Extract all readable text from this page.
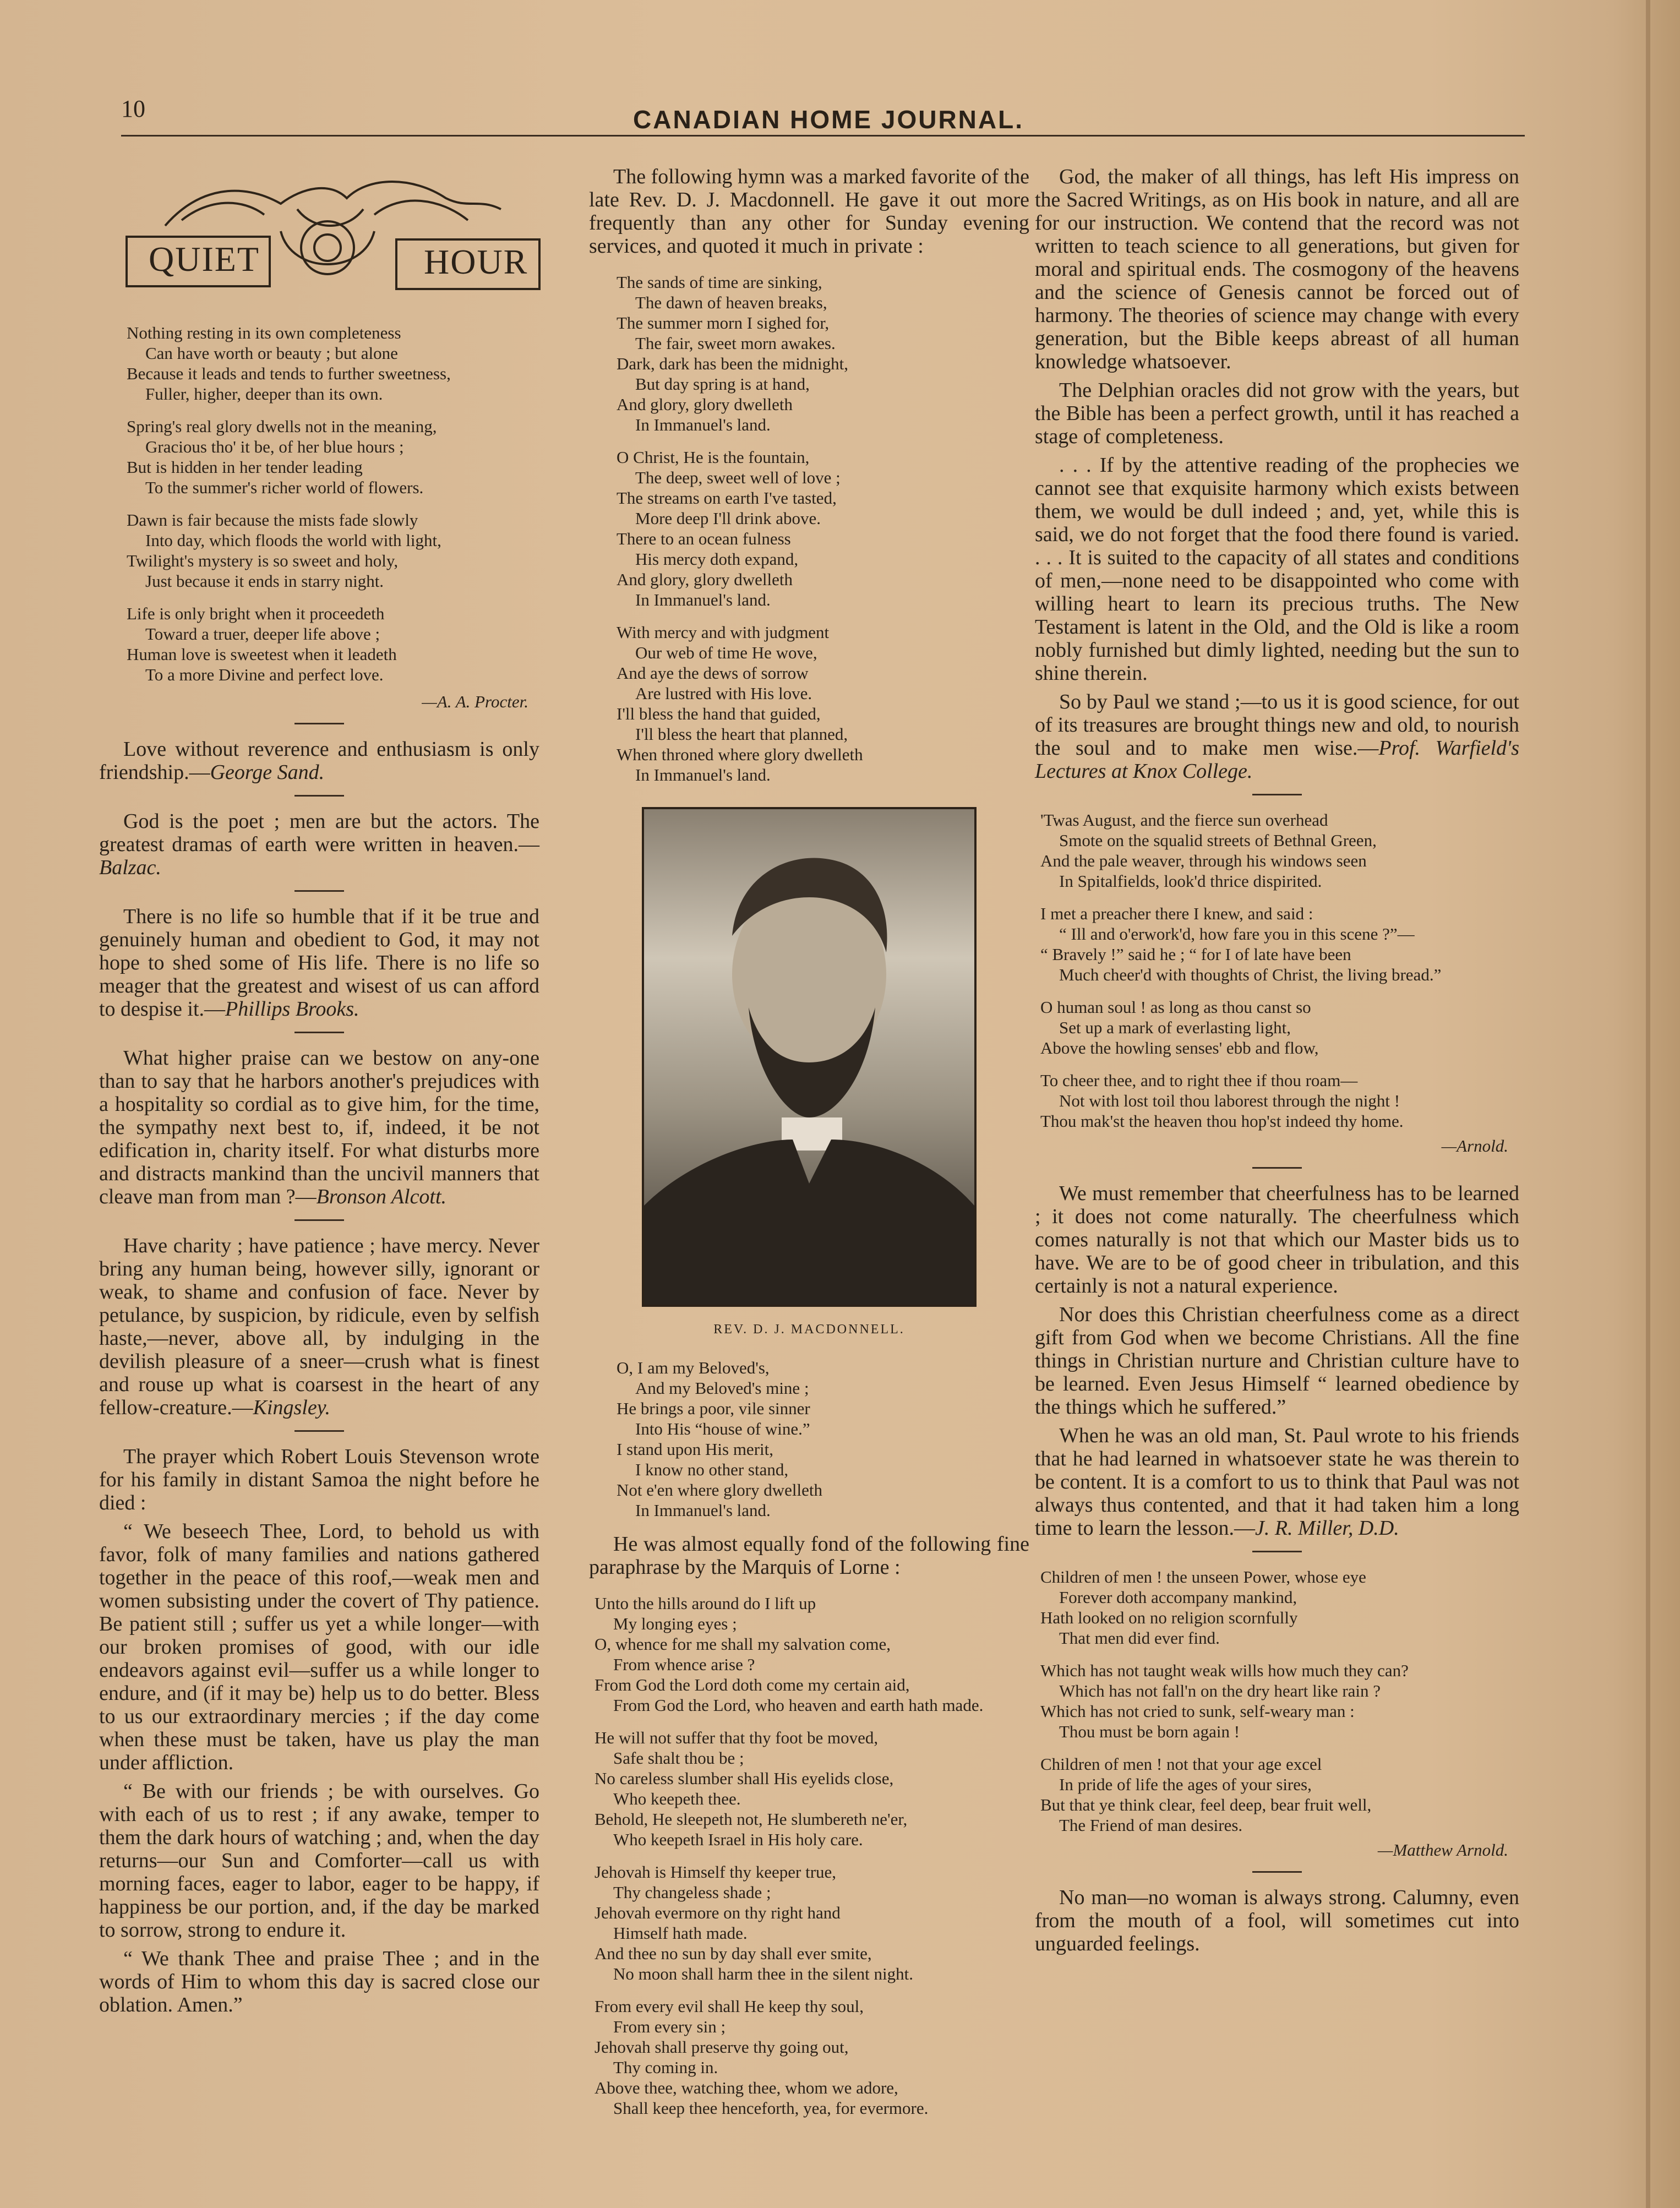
10	CANADIAN HOME JOURNAL.
QUIET	HOUR
Nothing resting in its own completeness
Can have worth or beauty ; but alone
Because it leads and tends to further sweetness,
Fuller, higher, deeper than its own.
Spring's real glory dwells not in the meaning,
Gracious tho' it be, of her blue hours ;
But is hidden in her tender leading
To the summer's richer world of flowers.
Dawn is fair because the mists fade slowly
Into day, which floods the world with light,
Twilight's mystery is so sweet and holy,
Just because it ends in starry night.
Life is only bright when it proceedeth
Toward a truer, deeper life above ;
Human love is sweetest when it leadeth
To a more Divine and perfect love.
—A. A. Procter.

Love without reverence and enthusiasm is only friendship.—George Sand.

God is the poet ; men are but the actors. The greatest dramas of earth were written in heaven.—Balzac.

There is no life so humble that if it be true and genuinely human and obedient to God, it may not hope to shed some of His life. There is no life so meager that the greatest and wisest of us can afford to despise it.—Phillips Brooks.

What higher praise can we bestow on any-one than to say that he harbors another's prejudices with a hospitality so cordial as to give him, for the time, the sympathy next best to, if, indeed, it be not edification in, charity itself. For what disturbs more and distracts mankind than the uncivil manners that cleave man from man ?—Bronson Alcott.

Have charity ; have patience ; have mercy. Never bring any human being, however silly, ignorant or weak, to shame and confusion of face. Never by petulance, by suspicion, by ridicule, even by selfish haste,—never, above all, by indulging in the devilish pleasure of a sneer—crush what is finest and rouse up what is coarsest in the heart of any fellow-creature.—Kingsley.

The prayer which Robert Louis Stevenson wrote for his family in distant Samoa the night before he died :

“ We beseech Thee, Lord, to behold us with favor, folk of many families and nations gathered together in the peace of this roof,—weak men and women subsisting under the covert of Thy patience. Be patient still ; suffer us yet a while longer—with our broken promises of good, with our idle endeavors against evil—suffer us a while longer to endure, and (if it may be) help us to do better. Bless to us our extraordinary mercies ; if the day come when these must be taken, have us play the man under affliction.

“ Be with our friends ; be with ourselves. Go with each of us to rest ; if any awake, temper to them the dark hours of watching ; and, when the day returns—our Sun and Comforter—call us with morning faces, eager to labor, eager to be happy, if happiness be our portion, and, if the day be marked to sorrow, strong to endure it.

“ We thank Thee and praise Thee ; and in the words of Him to whom this day is sacred close our oblation. Amen.”

The following hymn was a marked favorite of the late Rev. D. J. Macdonnell. He gave it out more frequently than any other for Sunday evening services, and quoted it much in private :

The sands of time are sinking,
The dawn of heaven breaks,
The summer morn I sighed for,
The fair, sweet morn awakes.
Dark, dark has been the midnight,
But day spring is at hand,
And glory, glory dwelleth
In Immanuel's land.
O Christ, He is the fountain,
The deep, sweet well of love ;
The streams on earth I've tasted,
More deep I'll drink above.
There to an ocean fulness
His mercy doth expand,
And glory, glory dwelleth
In Immanuel's land.
With mercy and with judgment
Our web of time He wove,
And aye the dews of sorrow
Are lustred with His love.
I'll bless the hand that guided,
I'll bless the heart that planned,
When throned where glory dwelleth
In Immanuel's land.
REV. D. J. MACDONNELL.
O, I am my Beloved's,
And my Beloved's mine ;
He brings a poor, vile sinner
Into His “house of wine.”
I stand upon His merit,
I know no other stand,
Not e'en where glory dwelleth
In Immanuel's land.

He was almost equally fond of the following fine paraphrase by the Marquis of Lorne :

Unto the hills around do I lift up
My longing eyes ;
O, whence for me shall my salvation come,
From whence arise ?
From God the Lord doth come my certain aid,
From God the Lord, who heaven and earth hath made.
He will not suffer that thy foot be moved,
Safe shalt thou be ;
No careless slumber shall His eyelids close,
Who keepeth thee.
Behold, He sleepeth not, He slumbereth ne'er,
Who keepeth Israel in His holy care.
Jehovah is Himself thy keeper true,
Thy changeless shade ;
Jehovah evermore on thy right hand
Himself hath made.
And thee no sun by day shall ever smite,
No moon shall harm thee in the silent night.
From every evil shall He keep thy soul,
From every sin ;
Jehovah shall preserve thy going out,
Thy coming in.
Above thee, watching thee, whom we adore,
Shall keep thee henceforth, yea, for evermore.

God, the maker of all things, has left His impress on the Sacred Writings, as on His book in nature, and all are for our instruction. We contend that the record was not written to teach science to all generations, but given for moral and spiritual ends. The cosmogony of the heavens and the science of Genesis cannot be forced out of harmony. The theories of science may change with every generation, but the Bible keeps abreast of all human knowledge whatsoever.

The Delphian oracles did not grow with the years, but the Bible has been a perfect growth, until it has reached a stage of completeness.

. . . If by the attentive reading of the prophecies we cannot see that exquisite harmony which exists between them, we would be dull indeed ; and, yet, while this is said, we do not forget that the food there found is varied. . . . It is suited to the capacity of all states and conditions of men,—none need to be disappointed who come with willing heart to learn its precious truths. The New Testament is latent in the Old, and the Old is like a room nobly furnished but dimly lighted, needing but the sun to shine therein.

So by Paul we stand ;—to us it is good science, for out of its treasures are brought things new and old, to nourish the soul and to make men wise.—Prof. Warfield's Lectures at Knox College.

'Twas August, and the fierce sun overhead
Smote on the squalid streets of Bethnal Green,
And the pale weaver, through his windows seen
In Spitalfields, look'd thrice dispirited.
I met a preacher there I knew, and said :
“ Ill and o'erwork'd, how fare you in this scene ?”—
“ Bravely !” said he ; “ for I of late have been
Much cheer'd with thoughts of Christ, the living bread.”
O human soul ! as long as thou canst so
Set up a mark of everlasting light,
Above the howling senses' ebb and flow,
To cheer thee, and to right thee if thou roam—
Not with lost toil thou laborest through the night !
Thou mak'st the heaven thou hop'st indeed thy home.
—Arnold.

We must remember that cheerfulness has to be learned ; it does not come naturally. The cheerfulness which comes naturally is not that which our Master bids us to have. We are to be of good cheer in tribulation, and this certainly is not a natural experience.

Nor does this Christian cheerfulness come as a direct gift from God when we become Christians. All the fine things in Christian nurture and Christian culture have to be learned. Even Jesus Himself “ learned obedience by the things which he suffered.”

When he was an old man, St. Paul wrote to his friends that he had learned in whatsoever state he was therein to be content. It is a comfort to us to think that Paul was not always thus contented, and that it had taken him a long time to learn the lesson.—J. R. Miller, D.D.

Children of men ! the unseen Power, whose eye
Forever doth accompany mankind,
Hath looked on no religion scornfully
That men did ever find.
Which has not taught weak wills how much they can?
Which has not fall'n on the dry heart like rain ?
Which has not cried to sunk, self-weary man :
Thou must be born again !
Children of men ! not that your age excel
In pride of life the ages of your sires,
But that ye think clear, feel deep, bear fruit well,
The Friend of man desires.
—Matthew Arnold.

No man—no woman is always strong. Calumny, even from the mouth of a fool, will sometimes cut into unguarded feelings.
